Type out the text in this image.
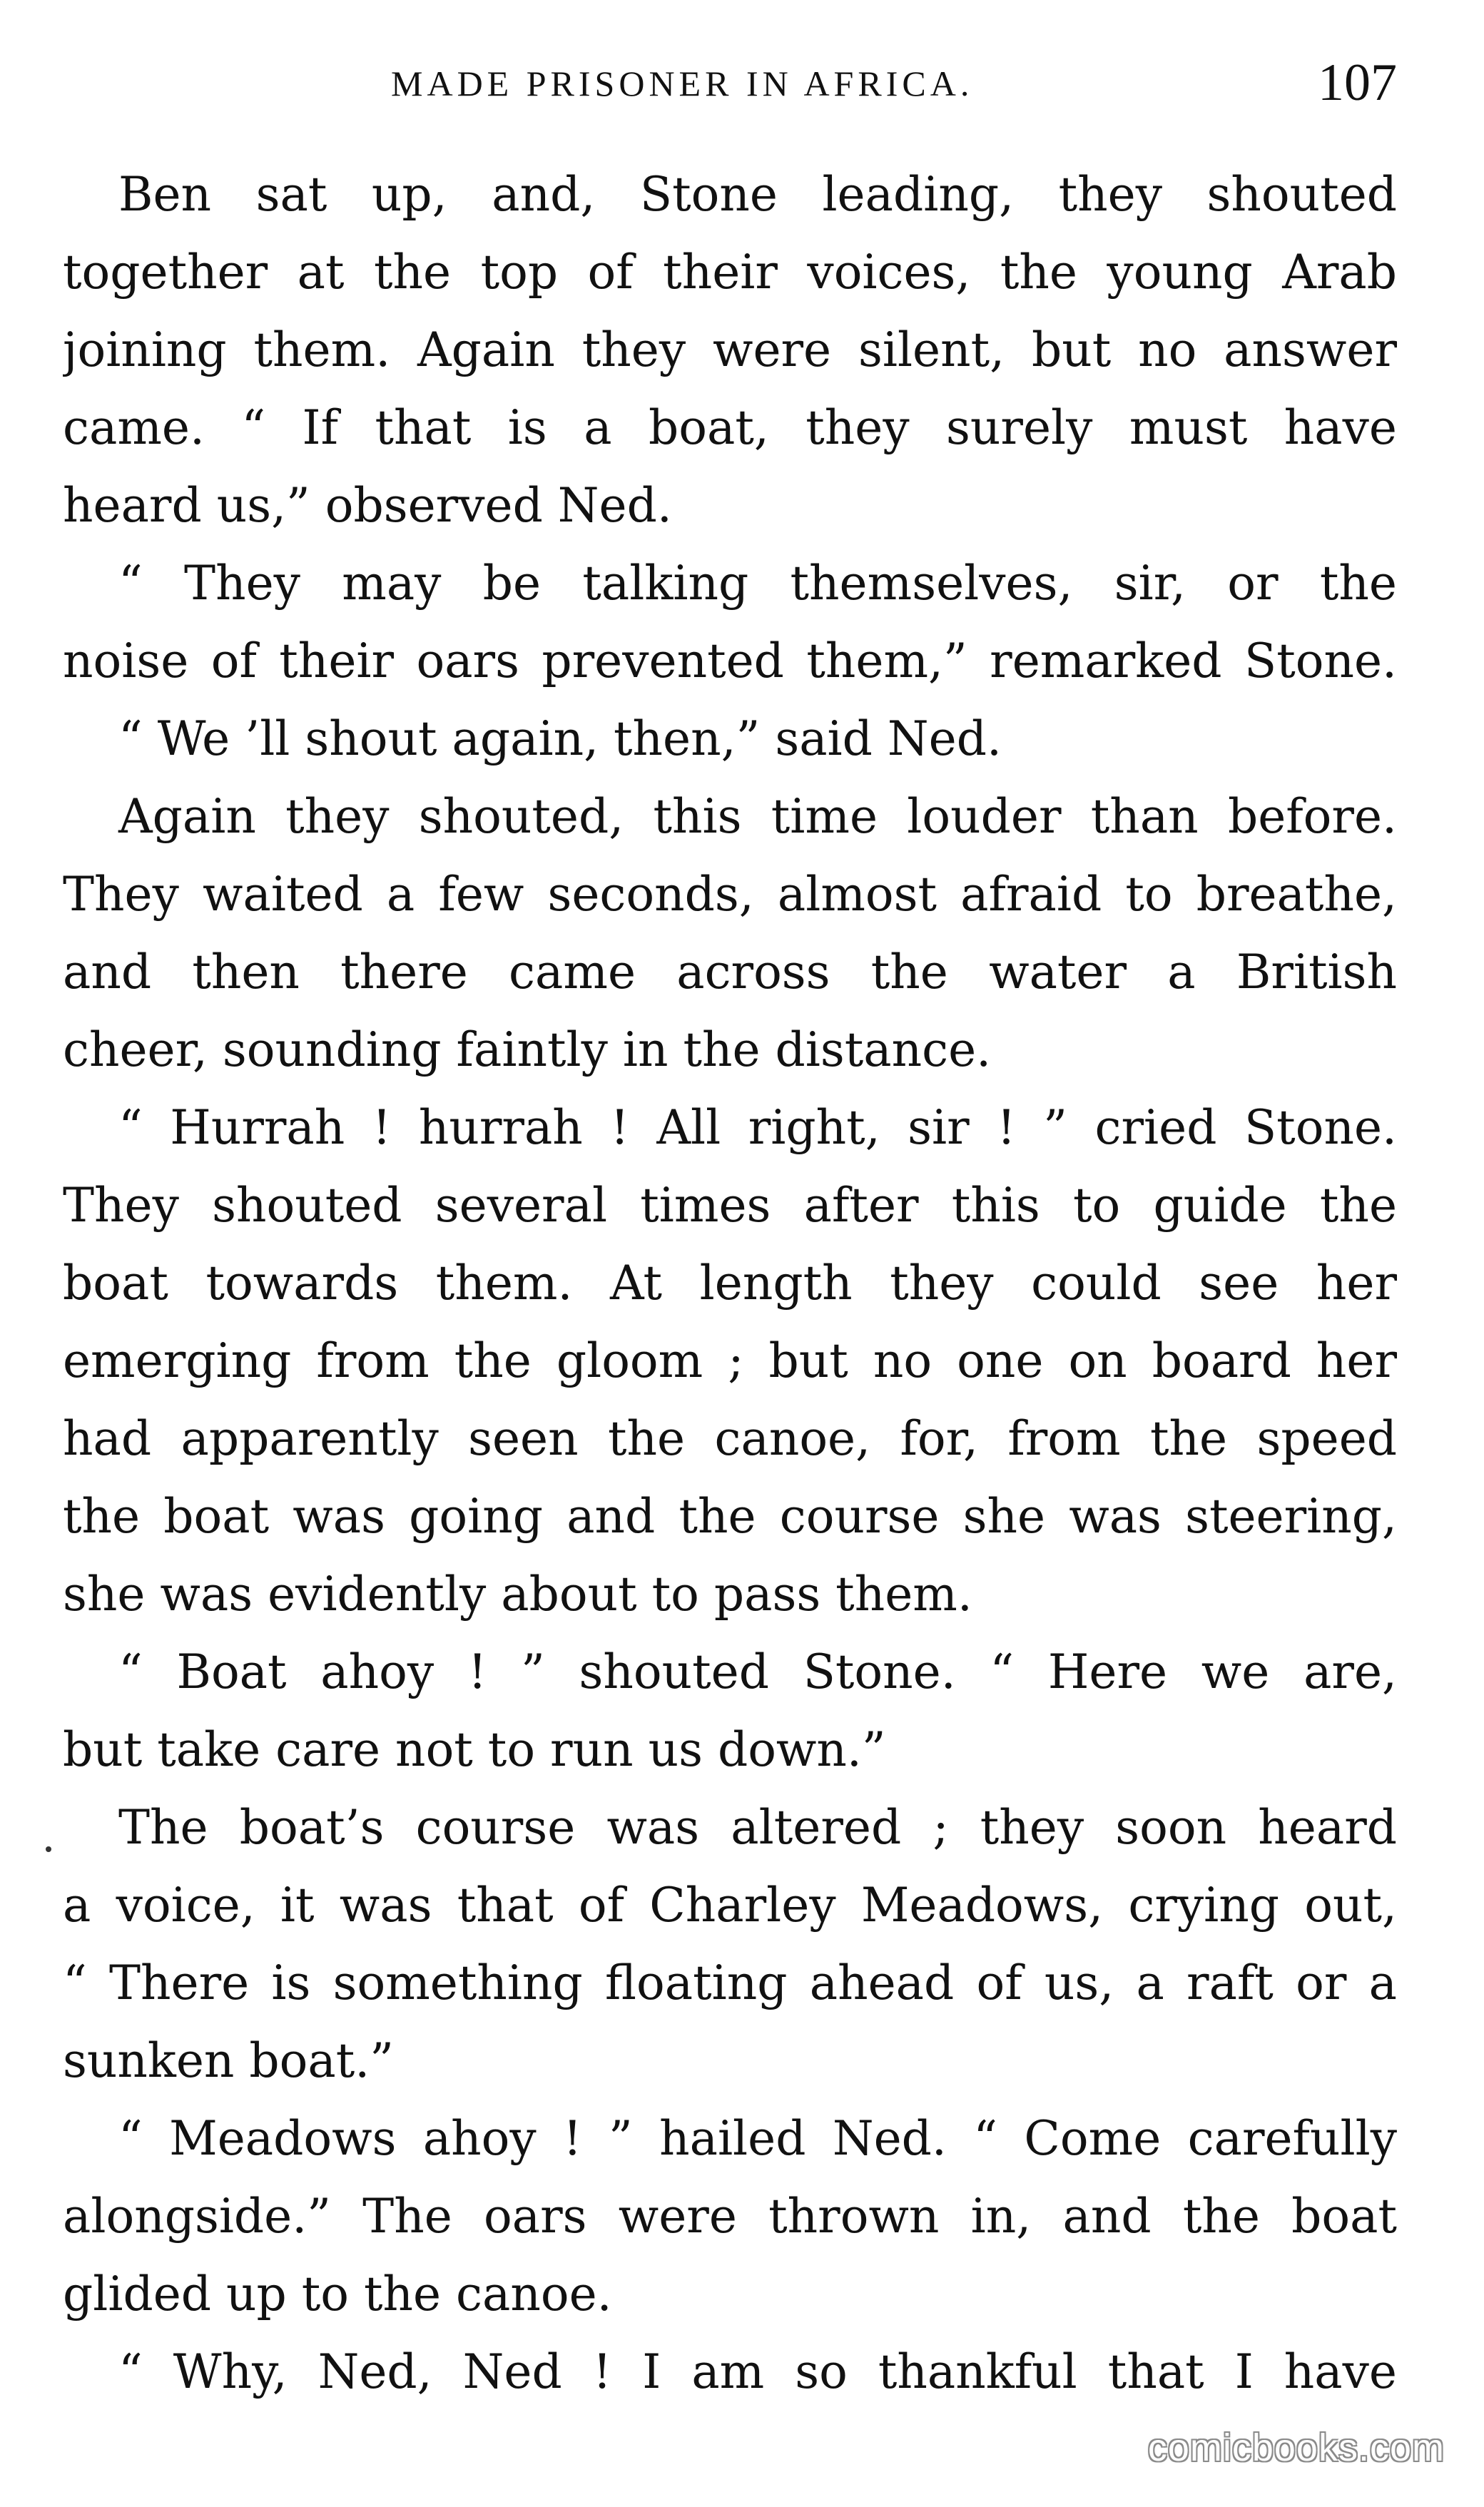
MADE PRISONER IN AFRICA.	107
Ben sat up, and, Stone leading, they shouted
together at the top of their voices, the young Arab
joining them. Again they were silent, but no answer
came. “ If that is a boat, they surely must have
heard us,” observed Ned.
“ They may be talking themselves, sir, or the
noise of their oars prevented them,” remarked Stone.
“ We ’ll shout again, then,” said Ned.
Again they shouted, this time louder than before.
They waited a few seconds, almost afraid to breathe,
and then there came across the water a British
cheer, sounding faintly in the distance.
“ Hurrah ! hurrah ! All right, sir ! ” cried Stone.
They shouted several times after this to guide the
boat towards them. At length they could see her
emerging from the gloom ; but no one on board her
had apparently seen the canoe, for, from the speed
the boat was going and the course she was steering,
she was evidently about to pass them.
“ Boat ahoy ! ” shouted Stone. “ Here we are,
but take care not to run us down.”
The boat’s course was altered ; they soon heard
a voice, it was that of Charley Meadows, crying out,
“ There is something floating ahead of us, a raft or a
sunken boat.”
“ Meadows ahoy ! ” hailed Ned. “ Come carefully
alongside.” The oars were thrown in, and the boat
glided up to the canoe.
“ Why, Ned, Ned ! I am so thankful that I have
comicbooks.com
